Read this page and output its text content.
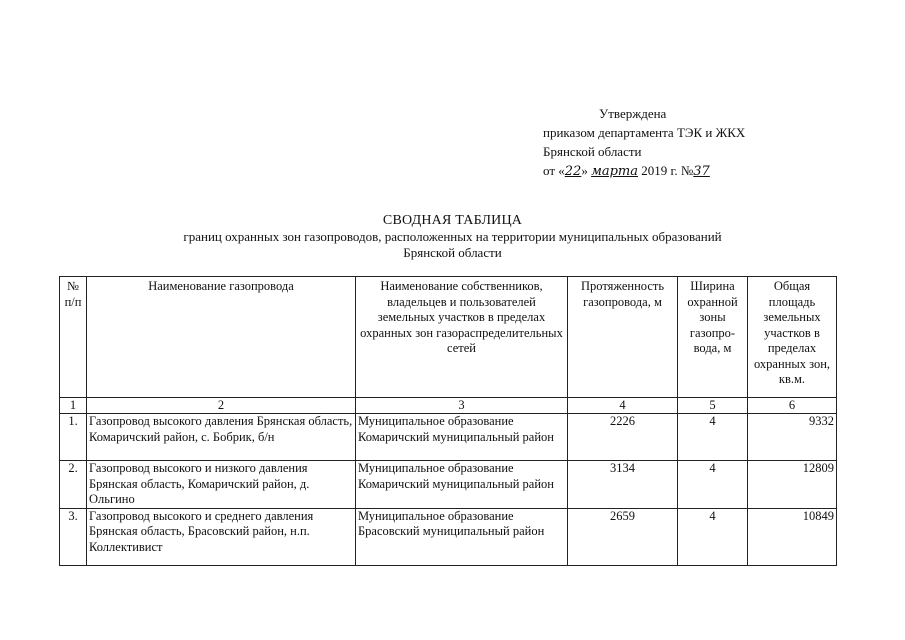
Утверждена
приказом департамента ТЭК и ЖКХ
Брянской области
от «22» марта 2019 г. №37
СВОДНАЯ ТАБЛИЦА
границ охранных зон газопроводов, расположенных на территории муниципальных образований
Брянской области
№ п/п	Наименование газопровода	Наименование собственников, владельцев и пользователей земельных участков в пределах охранных зон газораспределительных сетей	Протяженность газопровода, м	Ширина охранной зоны газопро-вода, м	Общая площадь земельных участков в пределах охранных зон, кв.м.
1	2	3	4	5	6
1.	Газопровод высокого давления Брянская область, Комаричский район, с. Бобрик, б/н	Муниципальное образование Комаричский муниципальный район	2226	4	9332
2.	Газопровод высокого и низкого давления Брянская область, Комаричский район, д. Ольгино	Муниципальное образование Комаричский муниципальный район	3134	4	12809
3.	Газопровод высокого и среднего давления Брянская область, Брасовский район, н.п. Коллективист	Муниципальное образование Брасовский муниципальный район	2659	4	10849
